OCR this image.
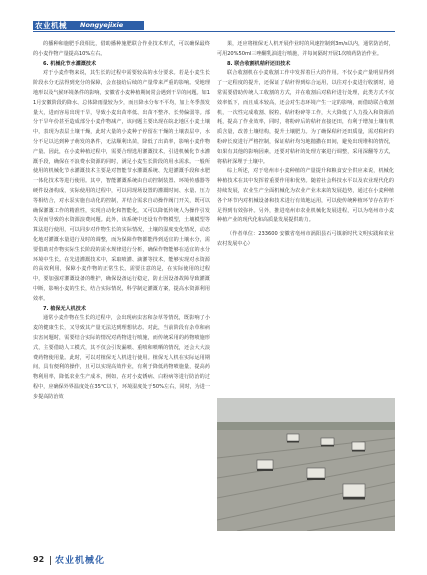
农业机械 Nongyejixie

的播种和施肥手段相比，借助播种施肥联合作业技术形式，可以确保最终的小麦作物产量提高10%左右。

6. 机械化节水灌溉技术

对于小麦作物来说，其生长的过程中需要较高的水分要求。若是小麦生长阶段水分无法得到充分的保障，会直接给后续的产量带来严重的影响。受地理地形以及气候环境条件的影响，安徽省小麦种植期间常会遇到干旱的问题。如11月安徽阶段的降水、总体降雨量较为少，而且降水分布不平均，加上冬季蒸发量大，进而容易出现干旱，导致小麦出苗率低、出苗不整齐、长势偏弱等。部分干旱年份甚至造成部分小麦作物减产，该问题主要出现在皖北地区小麦土壤中，表现为表层土壤干燥，此时大量的小麦种子停留在干燥的土壤表层中，水分不足以达到种子萌发的条件，无法顺利出苗，降低了出苗率，影响小麦作物产量。因此，在小麦种植过程中，需要合理选用灌溉技术，引进机械化节水灌溉手段，确保在不浪费水资源的同时，满足小麦生长阶段的用水需求。一般所使用的机械化节水灌溉技术主要是对智能节水灌溉系统、先进灌溉手段和水肥一体化技术等进行使用。其中，智能灌溉系统由自动控制装置、环境传感器等硬件设备构成，实际使用的过程中，可以同现场设置的灌溉时间、水量、压力等相结合，对水泵实施自动化的控制，并结合需求自动操作阀门开关，既可以确保灌溉工作的精准性，实现自动化和智能化，又可以降低传统人为操作引发失误而导致的水资源浪费问题。此外，该系统中还设有作物模型，土壤模型等算法进行使用，可以同步对作物生长的实际情况，土壤的湿度变化情况，动态化地对灌溉水量进行及时的调整，而为保障作物都能得到适宜的土壤水分，需要借助对作物实际生长阶段的需水规律进行分析，确保作物能够在适宜的水分环境中生长。在先进灌溉技术中，采取喷灌、滴灌等技术，能够实现对水资源的高效利用，保障小麦作物的正常生长。需要注意的是，在实际使用的过程中，要加强对灌溉设备的维护，确保设备运行稳定，防止因设备故障导致灌溉中断，影响小麦的生长，结合实际情况，科学制定灌溉方案，提高水资源利用效率。

7. 植保无人机技术

通常小麦作物在生长的过程中，会出现病虫害和杂草等情况，既影响了小麦的健康生长，又导致其产量无法达到理想状态。对此，当前阶段有杂草和病虫害问题时，需要结合实际的情况对药物进行喷施，而传统采用的药物喷施形式，主要借助人工模式，其不仅会引发漏喷、重喷和喷晒的情况，还会大大浪费药物使用量。此时，可以对植保无人机进行使用。植保无人机在实际运用期间，具有便利的操作，且可以实现高效作业，有利于降低药物喷施量，提高药物利用率，降低农业生产成本，例如，在对小麦锈病、白粉病等进行防治的过程中，应确保外界温度处在35℃以下，环境湿度处于50%左右，同时，为进一步提高防治效

果，还应将植保无人机开展作业时的风速控制到3m/s以内，通常防治时，可用20%50ml三唑酮乳油进行喷施，并每间隔时开展1次喷药防治作业。

8. 联合收割机秸秆还田技术

联合收割机在小麦收割工作中发挥着巨大的作用。不仅小麦产量明显得到了一定程度的提升，还保证了秸秆得到综合运用，以往对小麦进行收割时，通常需要借助传统人工收割的方式，并在收割后对秸秆进行处理，此类方式不仅效率低下，而且成本较高，还会对生态环境产生一定的影响，而借助联合收割机，一次性完成收割、脱粒、秸秆粉碎等工作，大大降低了人力投入和资源消耗，提高了作业效率，同时，将粉碎后的秸秆直接还田，有利于增加土壤有机质含量，改善土壤结构，提升土壤肥力。为了确保秸秆还田质量，需对秸秆的粉碎长度进行严格控制，保证秸秆均匀地抛撒在田间，避免出现堆积的情况，如果有其他的影响因素，还要对秸秆的处理方案进行调整，采用深翻等方式，将秸秆深埋于土壤中。

综上所述，对于亳州市小麦种植的产量提升和粮食安全供应来说，机械化种植技术在其中发挥着重要作用和优势。随着社会科技水平以及农业现代化的持续发展，农业生产全面机械化为农业产业未来的发展趋势，通过在小麦种植各个环节内对机械设备和技术进行有效地运用，可以使传统种植环节存在的不足得到有效弥补。另外，推进亳州市农业机械化发展进程，可以为亳州市小麦种植产业的现代化和高质量发展提供助力。

（作者单位：233600 安徽省亳州市涡阳县石弓镇新时代文明实践和农业农村发展中心）

92 农业机械化
